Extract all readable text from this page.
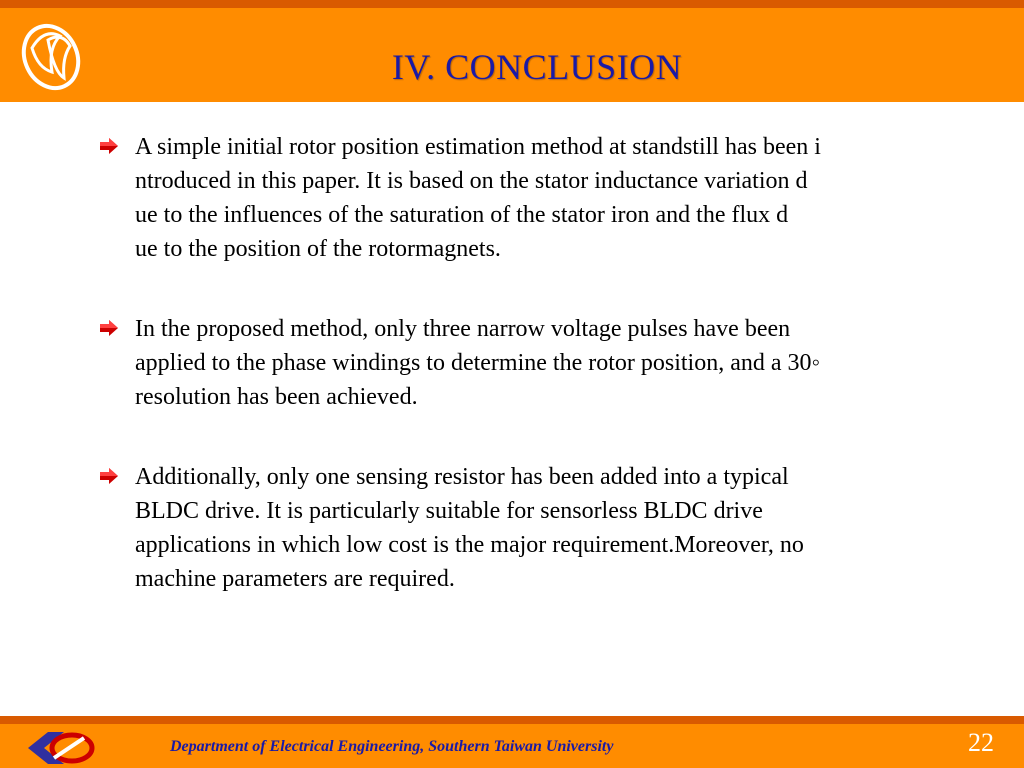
IV. CONCLUSION

A simple initial rotor position estimation method at standstill has been i
ntroduced in this paper. It is based on the stator inductance variation d
ue to the influences of the saturation of the stator iron and the flux d
ue to the position of the rotormagnets.

In the proposed method, only three narrow voltage pulses have been
applied to the phase windings to determine the rotor position, and a 30◦
resolution has been achieved.

Additionally, only one sensing resistor has been added into a typical
BLDC drive. It is particularly suitable for sensorless BLDC drive
applications in which low cost is the major requirement.Moreover, no
machine parameters are required.

Department of Electrical Engineering, Southern Taiwan University	22
